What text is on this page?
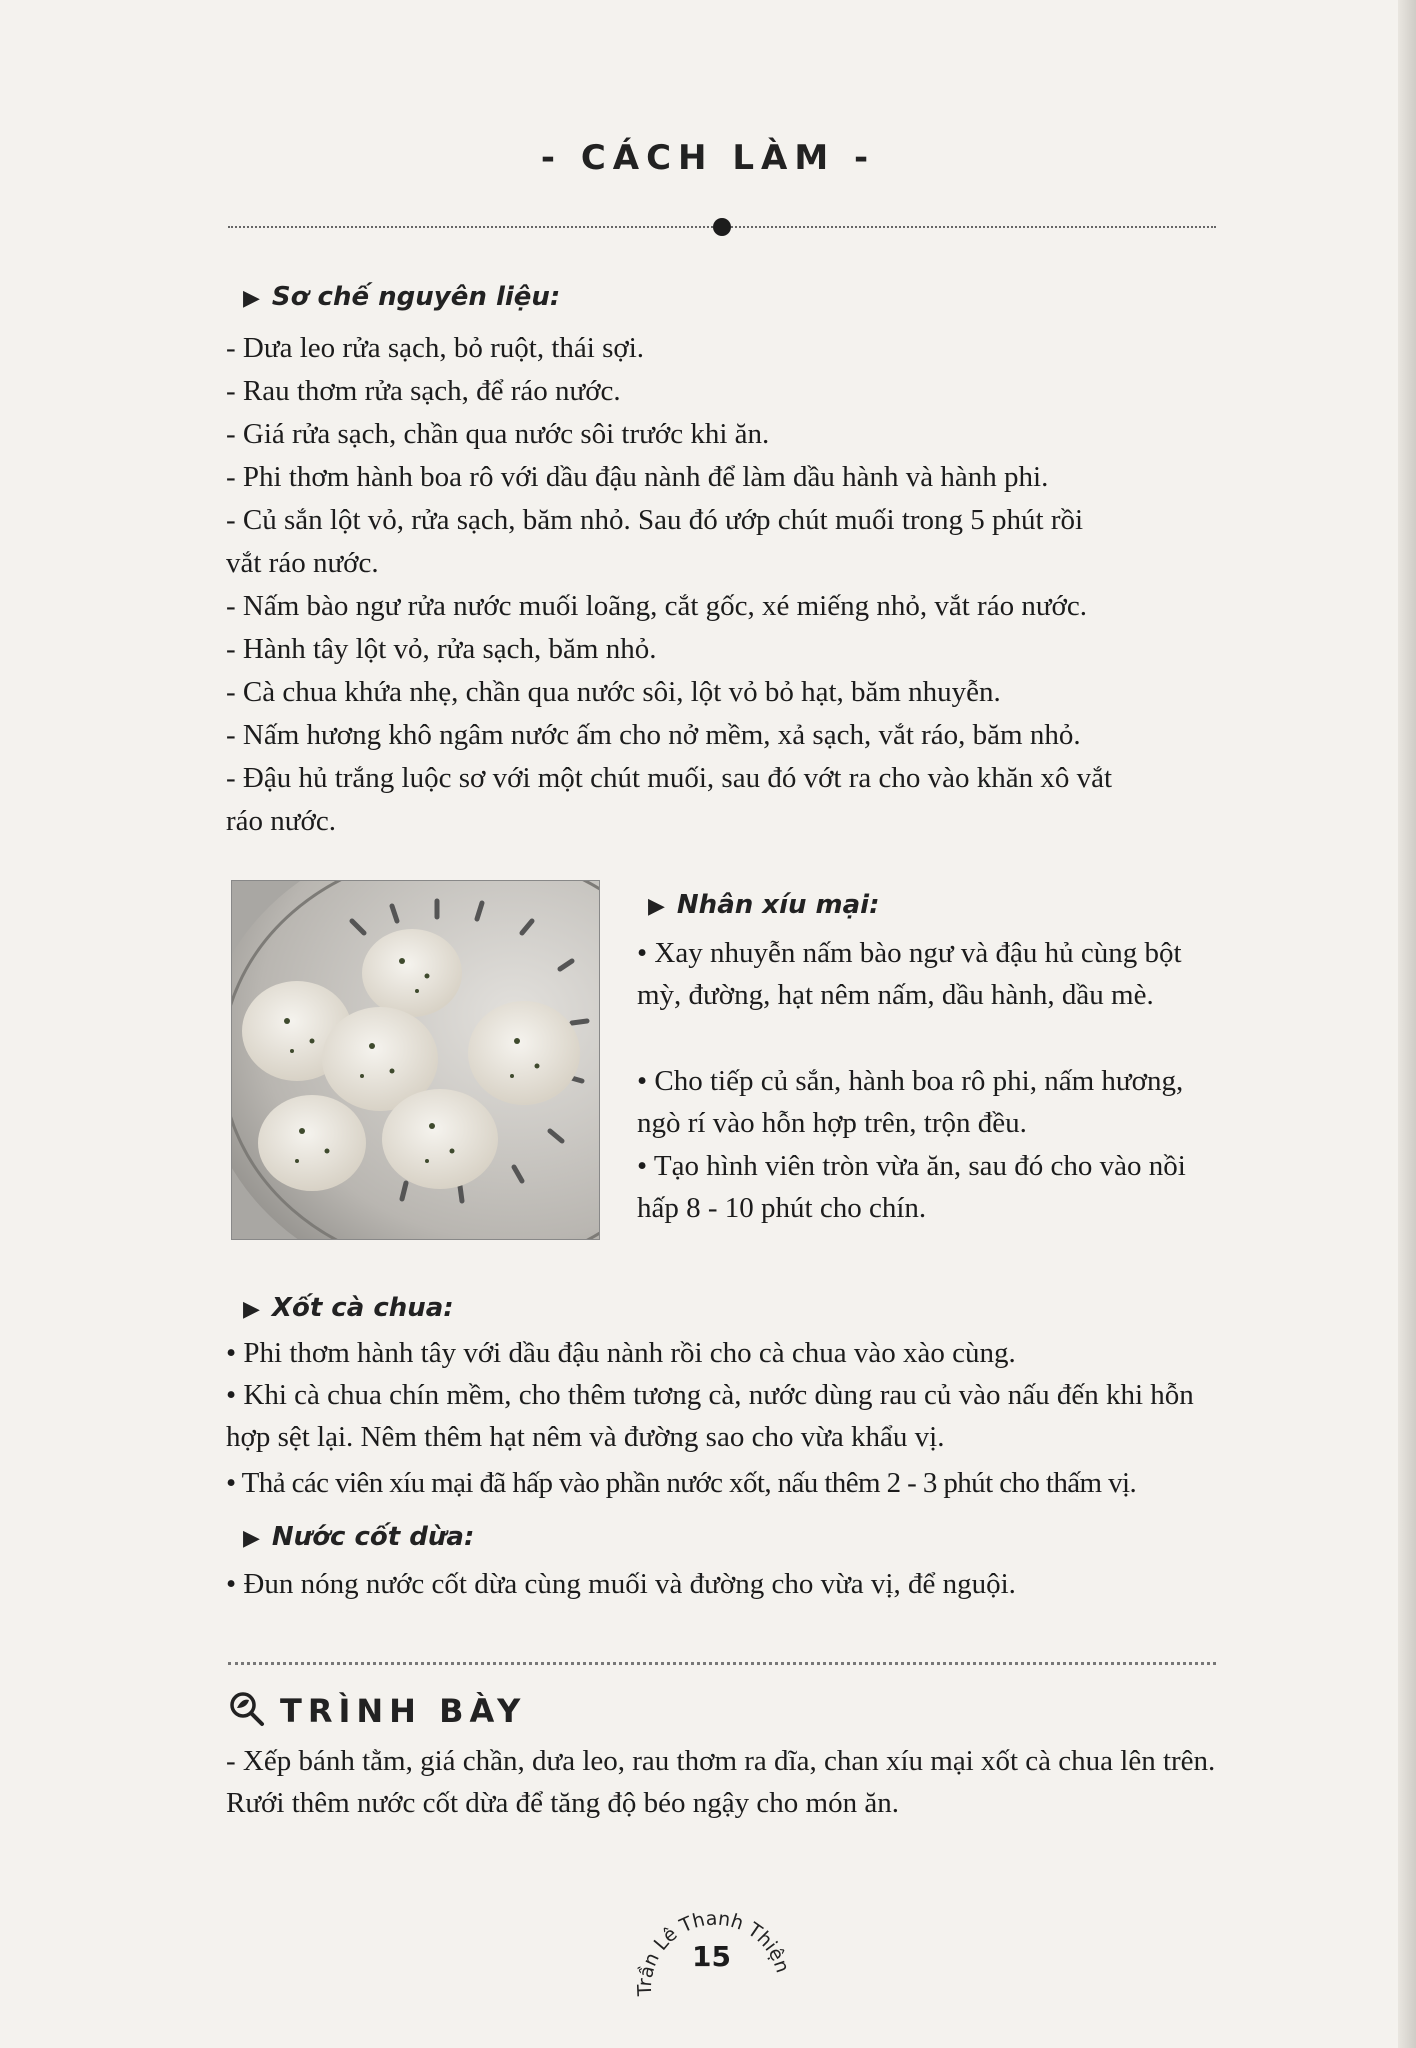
- CÁCH LÀM -
▶ Sơ chế nguyên liệu:
- Dưa leo rửa sạch, bỏ ruột, thái sợi.
- Rau thơm rửa sạch, để ráo nước.
- Giá rửa sạch, chần qua nước sôi trước khi ăn.
- Phi thơm hành boa rô với dầu đậu nành để làm dầu hành và hành phi.
- Củ sắn lột vỏ, rửa sạch, băm nhỏ. Sau đó ướp chút muối trong 5 phút rồi
vắt ráo nước.
- Nấm bào ngư rửa nước muối loãng, cắt gốc, xé miếng nhỏ, vắt ráo nước.
- Hành tây lột vỏ, rửa sạch, băm nhỏ.
- Cà chua khứa nhẹ, chần qua nước sôi, lột vỏ bỏ hạt, băm nhuyễn.
- Nấm hương khô ngâm nước ấm cho nở mềm, xả sạch, vắt ráo, băm nhỏ.
- Đậu hủ trắng luộc sơ với một chút muối, sau đó vớt ra cho vào khăn xô vắt
ráo nước.
▶ Nhân xíu mại:
• Xay nhuyễn nấm bào ngư và đậu hủ cùng bột mỳ, đường, hạt nêm nấm, dầu hành, dầu mè.
• Cho tiếp củ sắn, hành boa rô phi, nấm hương, ngò rí vào hỗn hợp trên, trộn đều.
• Tạo hình viên tròn vừa ăn, sau đó cho vào nồi hấp 8 - 10 phút cho chín.
▶ Xốt cà chua:
• Phi thơm hành tây với dầu đậu nành rồi cho cà chua vào xào cùng.
• Khi cà chua chín mềm, cho thêm tương cà, nước dùng rau củ vào nấu đến khi hỗn hợp sệt lại. Nêm thêm hạt nêm và đường sao cho vừa khẩu vị.
• Thả các viên xíu mại đã hấp vào phần nước xốt, nấu thêm 2 - 3 phút cho thấm vị.
▶ Nước cốt dừa:
• Đun nóng nước cốt dừa cùng muối và đường cho vừa vị, để nguội.
TRÌNH BÀY
- Xếp bánh tằm, giá chần, dưa leo, rau thơm ra dĩa, chan xíu mại xốt cà chua lên trên. Rưới thêm nước cốt dừa để tăng độ béo ngậy cho món ăn.
Trần Lê Thanh Thiện
15
